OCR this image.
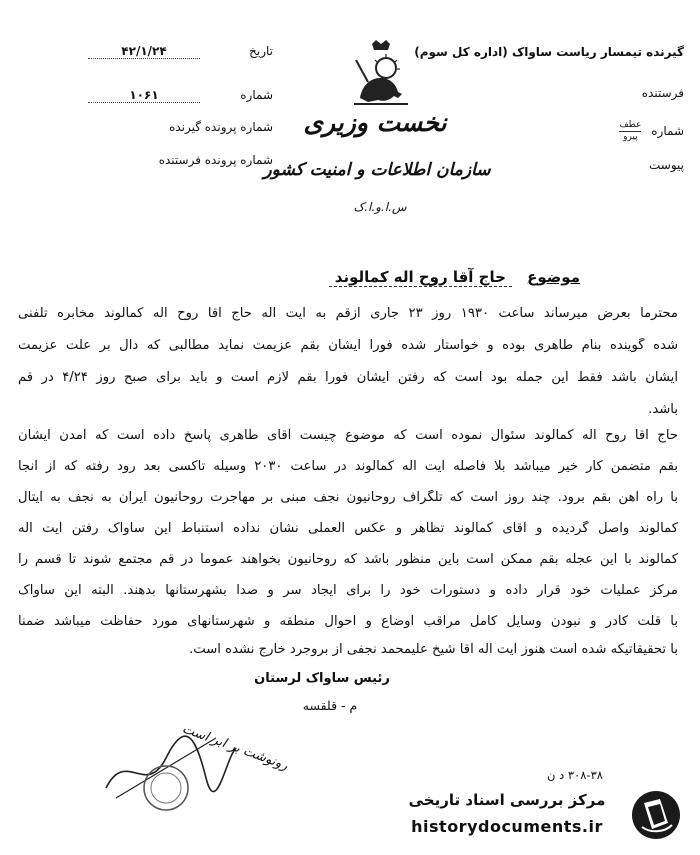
۴۲/۱/۲۴	تاریخ
۱۰۶۱	شماره
شماره پرونده گیرنده
شماره پرونده فرستنده
نخست وزیری
سازمان اطلاعات و امنیت کشور
س.ا.و.ا.ک
گیرنده تیمسار ریاست ساواک (اداره کل سوم)
فرستنده
شماره
عطف
پیرو
پیوست
موضوع حاج آقا روح اله کمالوند
محترماً بعرض میرساند ساعت ۱۹۳۰ روز ۲۳ جاری ازقم به آیت اله حاج آقا روح اله کمالوند مخابره تلفنی
شده گوینده بنام طاهری بوده و خواستار شده فوراً ایشان بقم عزیمت نماید مطالبی که دال بر علت عزیمت
ایشان باشد فقط این جمله بود است که رفتن ایشان فوراً بقم لازم است و باید برای صبح روز ۴/۲۴ در قم
باشد.
حاج آقا روح اله کمالوند سئوال نموده است که موضوع چیست آقای طاهری پاسخ داده است که آمدن ایشان
بقم متضمن کار خیر میباشد بلا فاصله آیت اله کمالوند در ساعت ۲۰۳۰ وسیله تاکسی بعد رود رفته که از آنجا
با راه آهن بقم برود. چند روز است که تلگراف روحانیون نجف مبنی بر مهاجرت روحانیون ایران به نجف به ایتال
کمالوند واصل گردیده و آقای کمالوند تظاهر و عکس العملی نشان نداده استنباط این ساواک رفتن آیت اله
کمالوند با این عجله بقم ممکن است باین منظور باشد که روحانیون بخواهند عموماً در قم مجتمع شوند تا قسم را
مرکز عملیات خود قرار داده و دستورات خود را برای ایجاد سر و صدا بشهرستانها بدهند. البته این ساواک
با قلت کادر و نبودن وسایل کامل مراقب اوضاع و احوال منطقه و شهرستانهای مورد حفاظت میباشد ضمناً
با تحقیقاتیکه شده است هنوز آیت اله آقا شیخ علیمحمد نجفی از بروجرد خارج نشده است.
رئیس ساواک لرستان
م - قلقسه
رونوشت بر ابر است
۳۰۸-۳۸ د ن
مرکز بررسی اسناد تاریخی
historydocuments.ir
